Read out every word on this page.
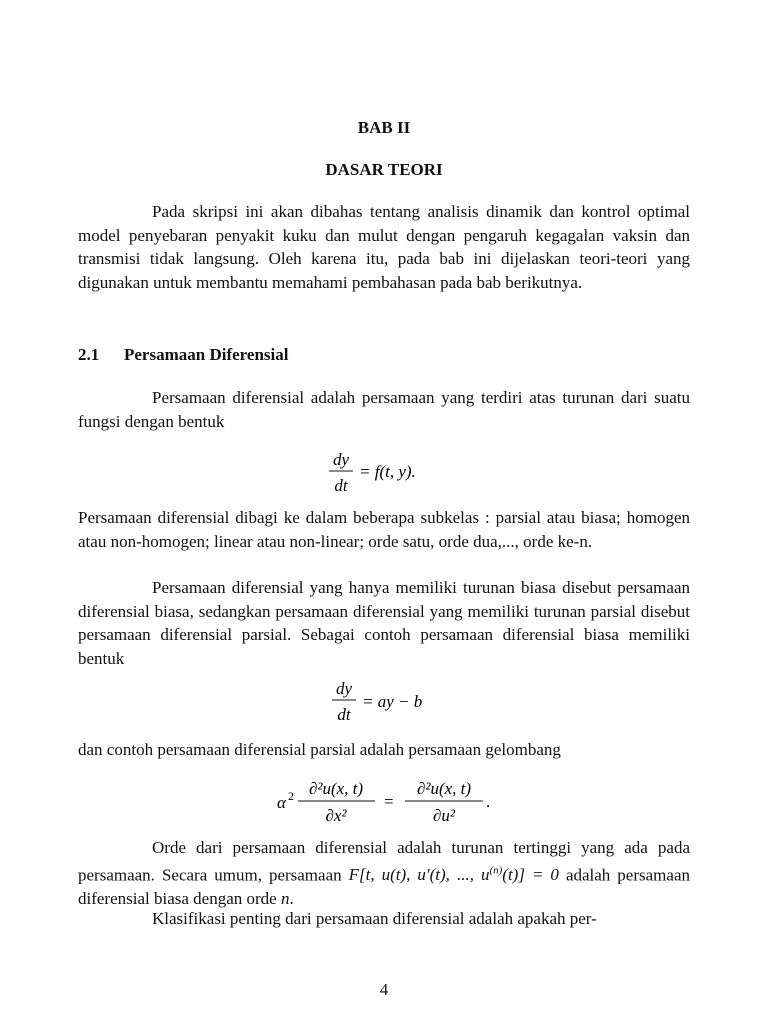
BAB II
DASAR TEORI

Pada skripsi ini akan dibahas tentang analisis dinamik dan kontrol optimal model penyebaran penyakit kuku dan mulut dengan pengaruh kegagalan vaksin dan transmisi tidak langsung. Oleh karena itu, pada bab ini dijelaskan teori-teori yang digunakan untuk membantu memahami pembahasan pada bab berikutnya.

2.1 Persamaan Diferensial

Persamaan diferensial adalah persamaan yang terdiri atas turunan dari suatu fungsi dengan bentuk

dy
dt
= f(t, y).

Persamaan diferensial dibagi ke dalam beberapa subkelas : parsial atau biasa; homogen atau non-homogen; linear atau non-linear; orde satu, orde dua,..., orde ke-n.

Persamaan diferensial yang hanya memiliki turunan biasa disebut persamaan diferensial biasa, sedangkan persamaan diferensial yang memiliki turunan parsial disebut persamaan diferensial parsial. Sebagai contoh persamaan diferensial biasa memiliki bentuk

dy
dt
= ay − b

dan contoh persamaan diferensial parsial adalah persamaan gelombang

α 2 ∂²u(x, t)
∂x²
=
∂²u(x, t)
∂u²
.

Orde dari persamaan diferensial adalah turunan tertinggi yang ada pada persamaan. Secara umum, persamaan F[t, u(t), u′(t), ..., $u^{(n)}(t)] = 0$ adalah persamaan diferensial biasa dengan orde n.

Klasifikasi penting dari persamaan diferensial adalah apakah per-

4
